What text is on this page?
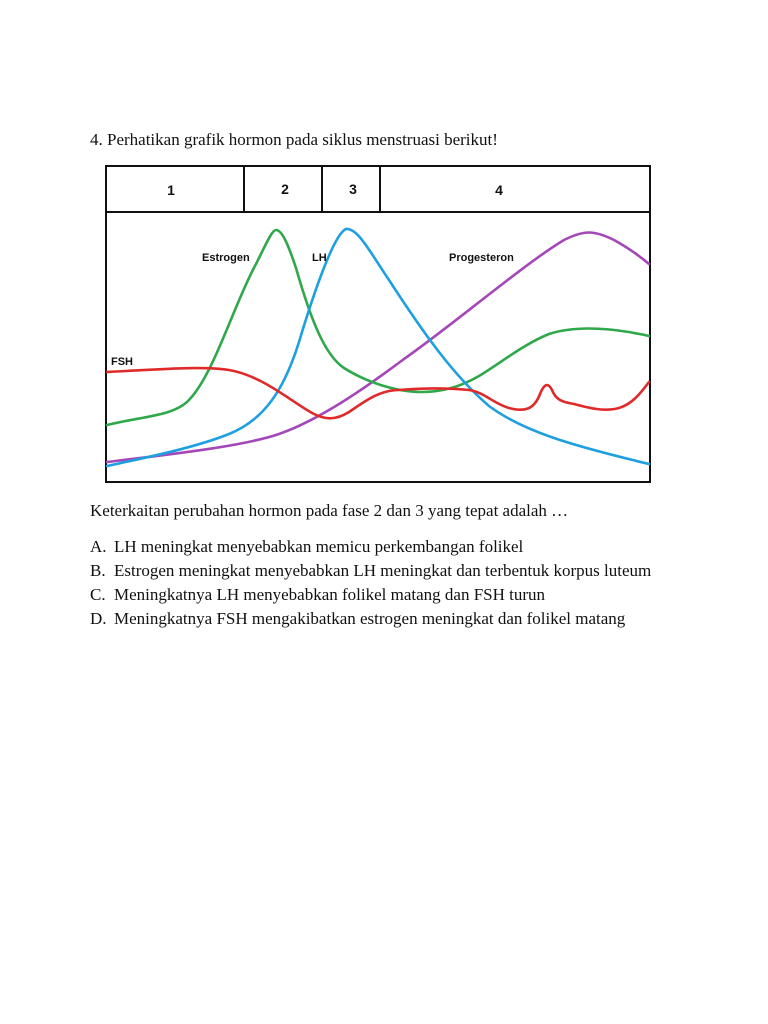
4. Perhatikan grafik hormon pada siklus menstruasi berikut!
1	2	3	4
Estrogen	LH	Progesteron
FSH
Keterkaitan perubahan hormon pada fase 2 dan 3 yang tepat adalah …
A. LH meningkat menyebabkan memicu perkembangan folikel
B. Estrogen meningkat menyebabkan LH meningkat dan terbentuk korpus luteum
C. Meningkatnya LH menyebabkan folikel matang dan FSH turun
D. Meningkatnya FSH mengakibatkan estrogen meningkat dan folikel matang
